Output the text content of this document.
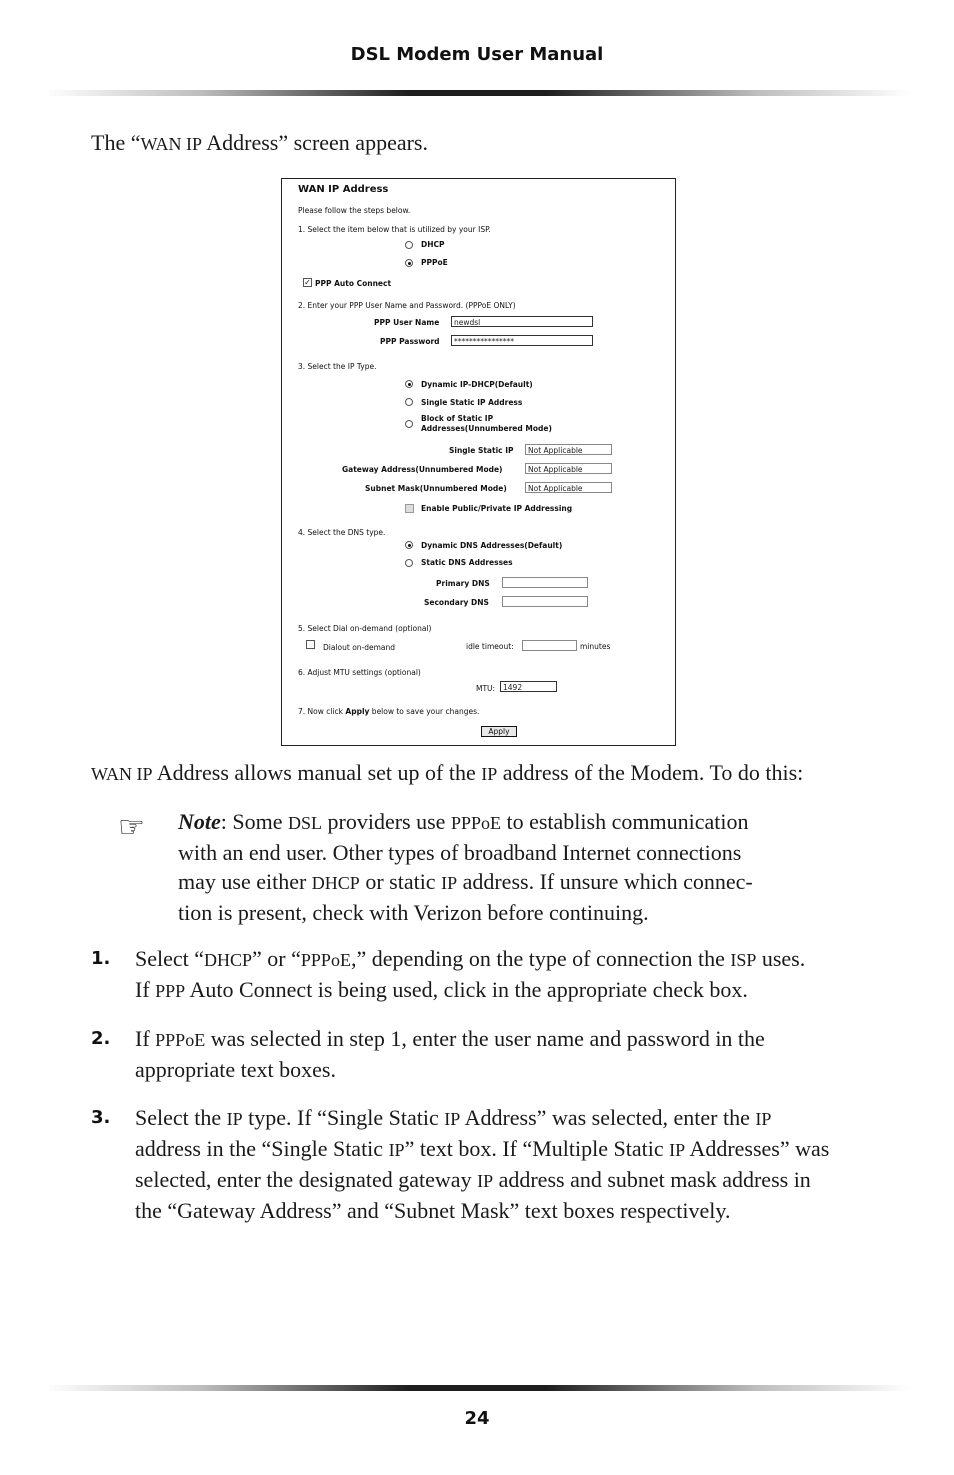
DSL Modem User Manual
The “WAN IP Address” screen appears.
WAN IP Address
Please follow the steps below.
1. Select the item below that is utilized by your ISP.
DHCP
PPPoE
✓ PPP Auto Connect
2. Enter your PPP User Name and Password. (PPPoE ONLY)
PPP User Name	newdsl
PPP Password	****************
3. Select the IP Type.
Dynamic IP-DHCP(Default)
Single Static IP Address
Block of Static IP
Addresses(Unnumbered Mode)
Single Static IP	Not Applicable
Gateway Address(Unnumbered Mode)	Not Applicable
Subnet Mask(Unnumbered Mode)	Not Applicable
Enable Public/Private IP Addressing
4. Select the DNS type.
Dynamic DNS Addresses(Default)
Static DNS Addresses
Primary DNS
Secondary DNS
5. Select Dial on-demand (optional)
Dialout on-demand	idle timeout:	minutes
6. Adjust MTU settings (optional)
MTU:	1492
7. Now click Apply below to save your changes.
Apply
WAN IP Address allows manual set up of the IP address of the Modem. To do this:
☞ Note: Some DSL providers use PPPoE to establish communication
with an end user. Other types of broadband Internet connections
may use either DHCP or static IP address. If unsure which connec-
tion is present, check with Verizon before continuing.
1. Select “DHCP” or “PPPoE,” depending on the type of connection the ISP uses.
If PPP Auto Connect is being used, click in the appropriate check box.
2. If PPPoE was selected in step 1, enter the user name and password in the
appropriate text boxes.
3. Select the IP type. If “Single Static IP Address” was selected, enter the IP
address in the “Single Static IP” text box. If “Multiple Static IP Addresses” was
selected, enter the designated gateway IP address and subnet mask address in
the “Gateway Address” and “Subnet Mask” text boxes respectively.
24
